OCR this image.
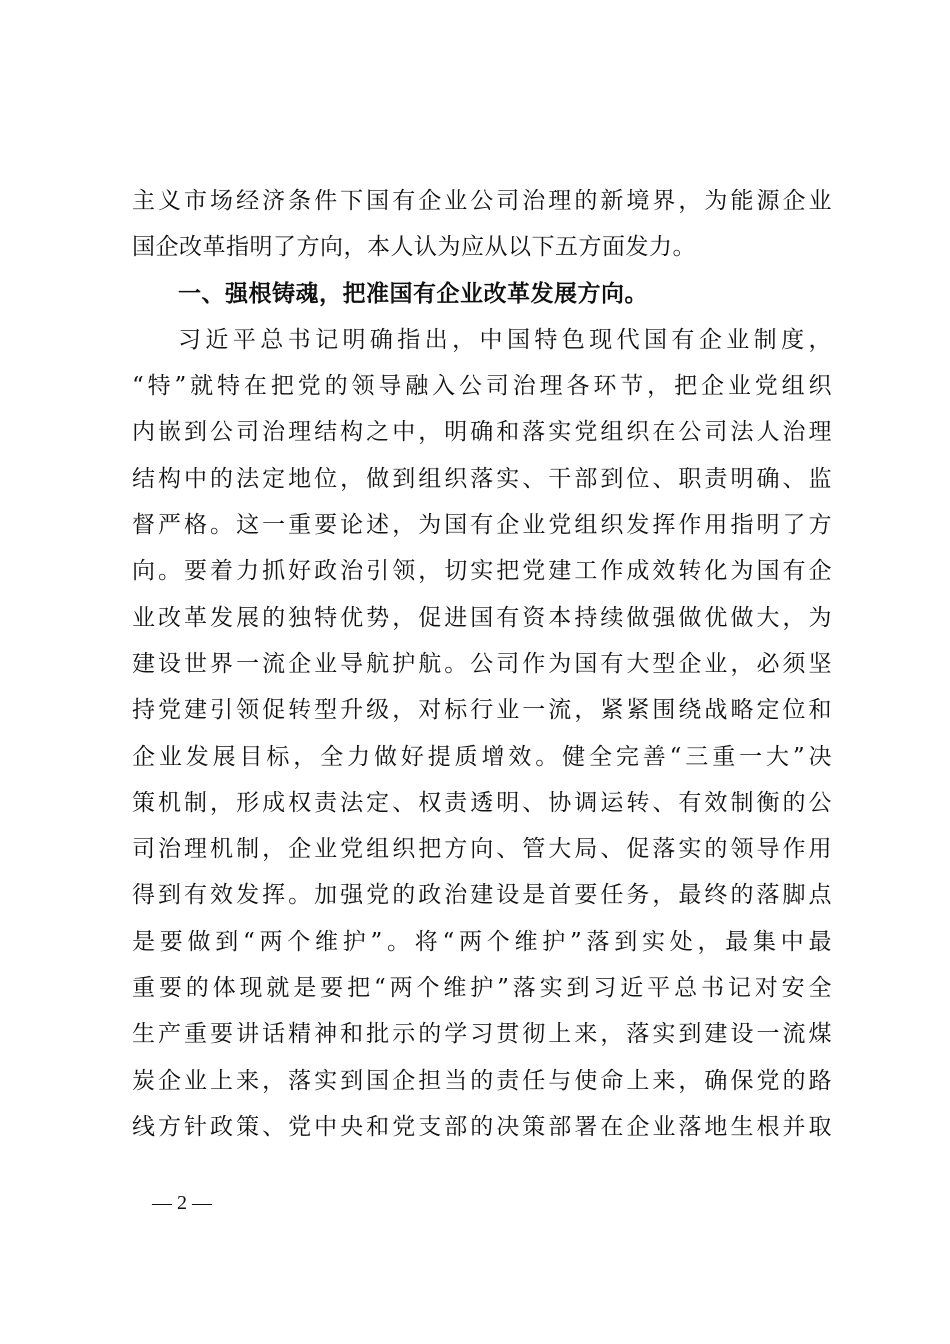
主义市场经济条件下国有企业公司治理的新境界，为能源企业
国企改革指明了方向，本人认为应从以下五方面发力。
一、强根铸魂，把准国有企业改革发展方向。
习近平总书记明确指出，中国特色现代国有企业制度，
“特”就特在把党的领导融入公司治理各环节，把企业党组织
内嵌到公司治理结构之中，明确和落实党组织在公司法人治理
结构中的法定地位，做到组织落实、干部到位、职责明确、监
督严格。这一重要论述，为国有企业党组织发挥作用指明了方
向。要着力抓好政治引领，切实把党建工作成效转化为国有企
业改革发展的独特优势，促进国有资本持续做强做优做大，为
建设世界一流企业导航护航。公司作为国有大型企业，必须坚
持党建引领促转型升级，对标行业一流，紧紧围绕战略定位和
企业发展目标，全力做好提质增效。健全完善“三重一大”决
策机制，形成权责法定、权责透明、协调运转、有效制衡的公
司治理机制，企业党组织把方向、管大局、促落实的领导作用
得到有效发挥。加强党的政治建设是首要任务，最终的落脚点
是要做到“两个维护”。将“两个维护”落到实处，最集中最
重要的体现就是要把“两个维护”落实到习近平总书记对安全
生产重要讲话精神和批示的学习贯彻上来，落实到建设一流煤
炭企业上来，落实到国企担当的责任与使命上来，确保党的路
线方针政策、党中央和党支部的决策部署在企业落地生根并取
— 2 —
